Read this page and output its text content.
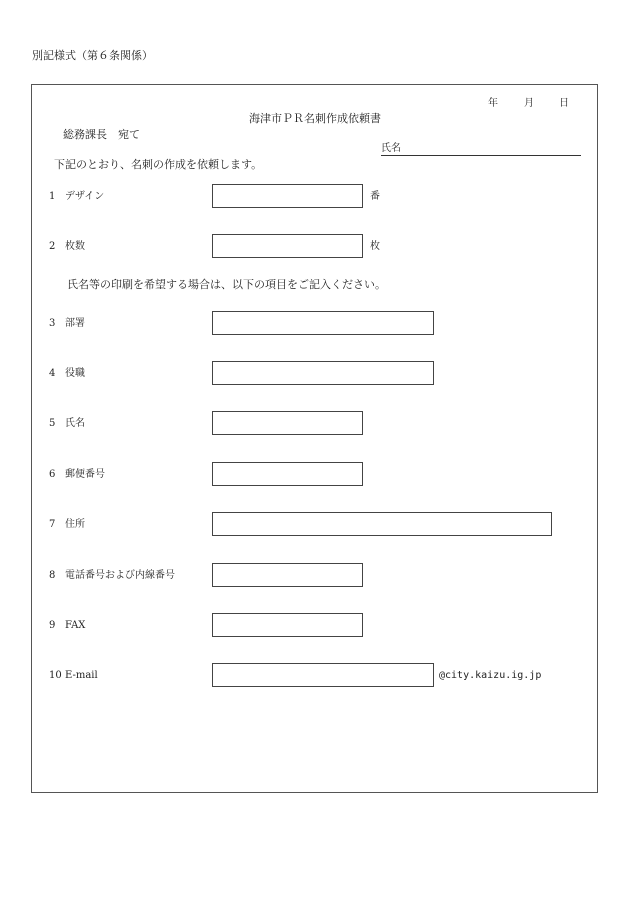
別記様式（第６条関係）
年	月	日
海津市ＰＲ名刺作成依頼書
総務課長　宛て
氏名
下記のとおり、名刺の作成を依頼します。
1 デザイン	番
2 枚数	枚
氏名等の印刷を希望する場合は、以下の項目をご記入ください。
3 部署
4 役職
5 氏名
6 郵便番号
7 住所
8 電話番号および内線番号
9 FAX
10 E-mail	@city.kaizu.ig.jp
